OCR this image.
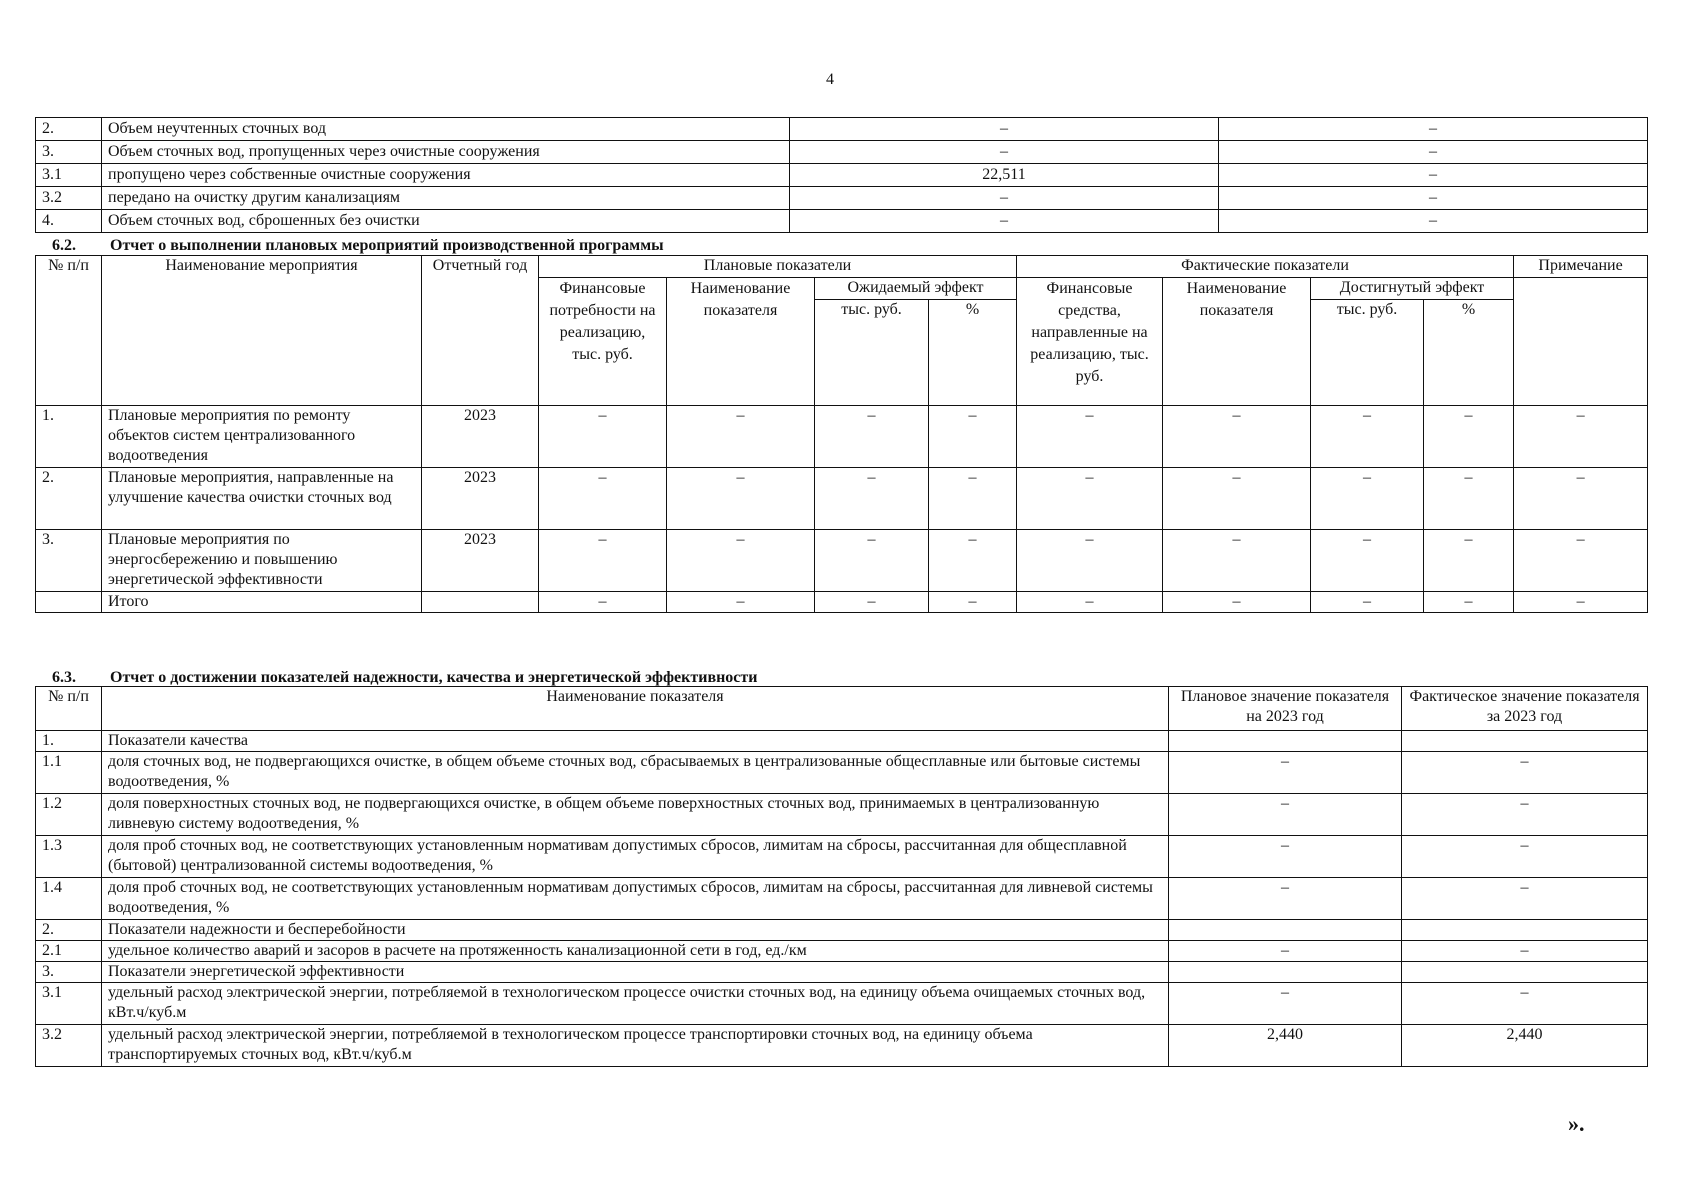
4
2.	Объем неучтенных сточных вод	–	–
3.	Объем сточных вод, пропущенных через очистные сооружения	–	–
3.1	пропущено через собственные очистные сооружения	22,511	–
3.2	передано на очистку другим канализациям	–	–
4.	Объем сточных вод, сброшенных без очистки	–	–
6.2. Отчет о выполнении плановых мероприятий производственной программы
№ п/п	Наименование мероприятия	Отчетный год	Плановые показатели				Фактические показатели				Примечание
			Финансовые потребности на реализацию, тыс. руб.	Наименование показателя	Ожидаемый эффект		Финансовые средства, направленные на реализацию, тыс. руб.	Наименование показателя	Достигнутый эффект		
					тыс. руб.	%			тыс. руб.	%	
1.	Плановые мероприятия по ремонту объектов систем централизованного водоотведения	2023	–	–	–	–	–	–	–	–	–
2.	Плановые мероприятия, направленные на улучшение качества очистки сточных вод	2023	–	–	–	–	–	–	–	–	–
3.	Плановые мероприятия по энергосбережению и повышению энергетической эффективности	2023	–	–	–	–	–	–	–	–	–
	Итого		–	–	–	–	–	–	–	–	–
6.3. Отчет о достижении показателей надежности, качества и энергетической эффективности
№ п/п	Наименование показателя	Плановое значение показателя на 2023 год	Фактическое значение показателя за 2023 год
1.	Показатели качества		
1.1	доля сточных вод, не подвергающихся очистке, в общем объеме сточных вод, сбрасываемых в централизованные общесплавные или бытовые системы водоотведения, %	–	–
1.2	доля поверхностных сточных вод, не подвергающихся очистке, в общем объеме поверхностных сточных вод, принимаемых в централизованную ливневую систему водоотведения, %	–	–
1.3	доля проб сточных вод, не соответствующих установленным нормативам допустимых сбросов, лимитам на сбросы, рассчитанная для общесплавной (бытовой) централизованной системы водоотведения, %	–	–
1.4	доля проб сточных вод, не соответствующих установленным нормативам допустимых сбросов, лимитам на сбросы, рассчитанная для ливневой системы водоотведения, %	–	–
2.	Показатели надежности и бесперебойности		
2.1	удельное количество аварий и засоров в расчете на протяженность канализационной сети в год, ед./км	–	–
3.	Показатели энергетической эффективности		
3.1	удельный расход электрической энергии, потребляемой в технологическом процессе очистки сточных вод, на единицу объема очищаемых сточных вод, кВт.ч/куб.м	–	–
3.2	удельный расход электрической энергии, потребляемой в технологическом процессе транспортировки сточных вод, на единицу объема транспортируемых сточных вод, кВт.ч/куб.м	2,440	2,440
».
